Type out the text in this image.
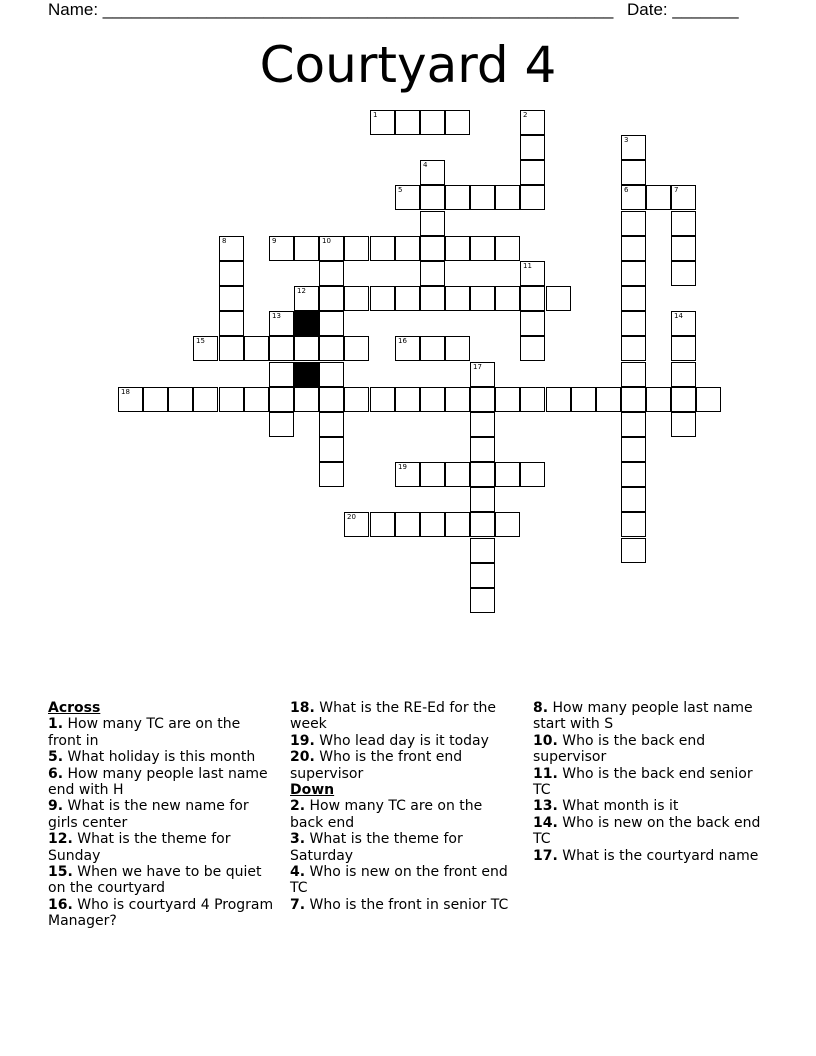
Name: ______________________________________________________ Date: _______
Courtyard 4
1
5	6	7
9	10
12
15	16
18
19
20
2
3
4
8
11
13	14
17
Across
1. How many TC are on the front in
5. What holiday is this month
6. How many people last name end with H
9. What is the new name for girls center
12. What is the theme for Sunday
15. When we have to be quiet on the courtyard
16. Who is courtyard 4 Program Manager?
18. What is the RE-Ed for the week
19. Who lead day is it today
20. Who is the front end supervisor
Down
2. How many TC are on the back end
3. What is the theme for Saturday
4. Who is new on the front end TC
7. Who is the front in senior TC
8. How many people last name start with S
10. Who is the back end supervisor
11. Who is the back end senior TC
13. What month is it
14. Who is new on the back end TC
17. What is the courtyard name
